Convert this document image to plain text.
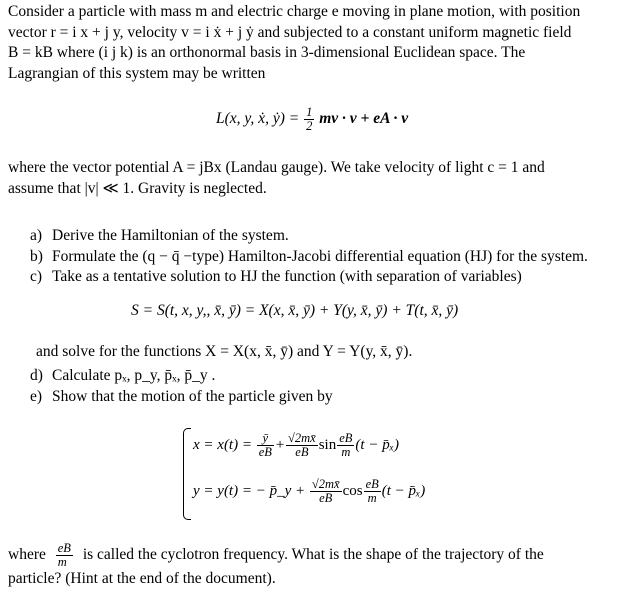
Consider a particle with mass m and electric charge e moving in plane motion, with position
vector r = i x + j y, velocity v = i ẋ + j ẏ and subjected to a constant uniform magnetic field
B = kB where (i j k) is an orthonormal basis in 3-dimensional Euclidean space. The
Lagrangian of this system may be written

L(x, y, ẋ, ẏ) = $\frac{1}{2}$ mv · v + eA · v

where the vector potential A = jBx (Landau gauge). We take velocity of light c = 1 and
assume that |v| ≪ 1. Gravity is neglected.

a) Derive the Hamiltonian of the system.
b) Formulate the (q − q̄ −type) Hamilton-Jacobi differential equation (HJ) for the system.
c) Take as a tentative solution to HJ the function (with separation of variables)
S = S(t, x, y,, x̄, ȳ) = X(x, x̄, ȳ) + Y(y, x̄, ȳ) + T(t, x̄, ȳ)
and solve for the functions X = X(x, x̄, ȳ) and Y = Y(y, x̄, ȳ).
d) Calculate pₓ, p_y, p̄ₓ, p̄_y .
e) Show that the motion of the particle given by
$x = x(t) = \frac{ȳ}{eB} + \frac{√2mx̄}{eB}$ $\sin \frac{eB}{m} (t$ − p̄ₓ)
y = y(t) = − p̄_y + $\frac{√2mx̄}{eB}$ $\cos \frac{eB}{m} (t$ − p̄ₓ)
where $\frac{eB}{m}$ is called the cyclotron frequency. What is the shape of the trajectory of the
particle? (Hint at the end of the document).
